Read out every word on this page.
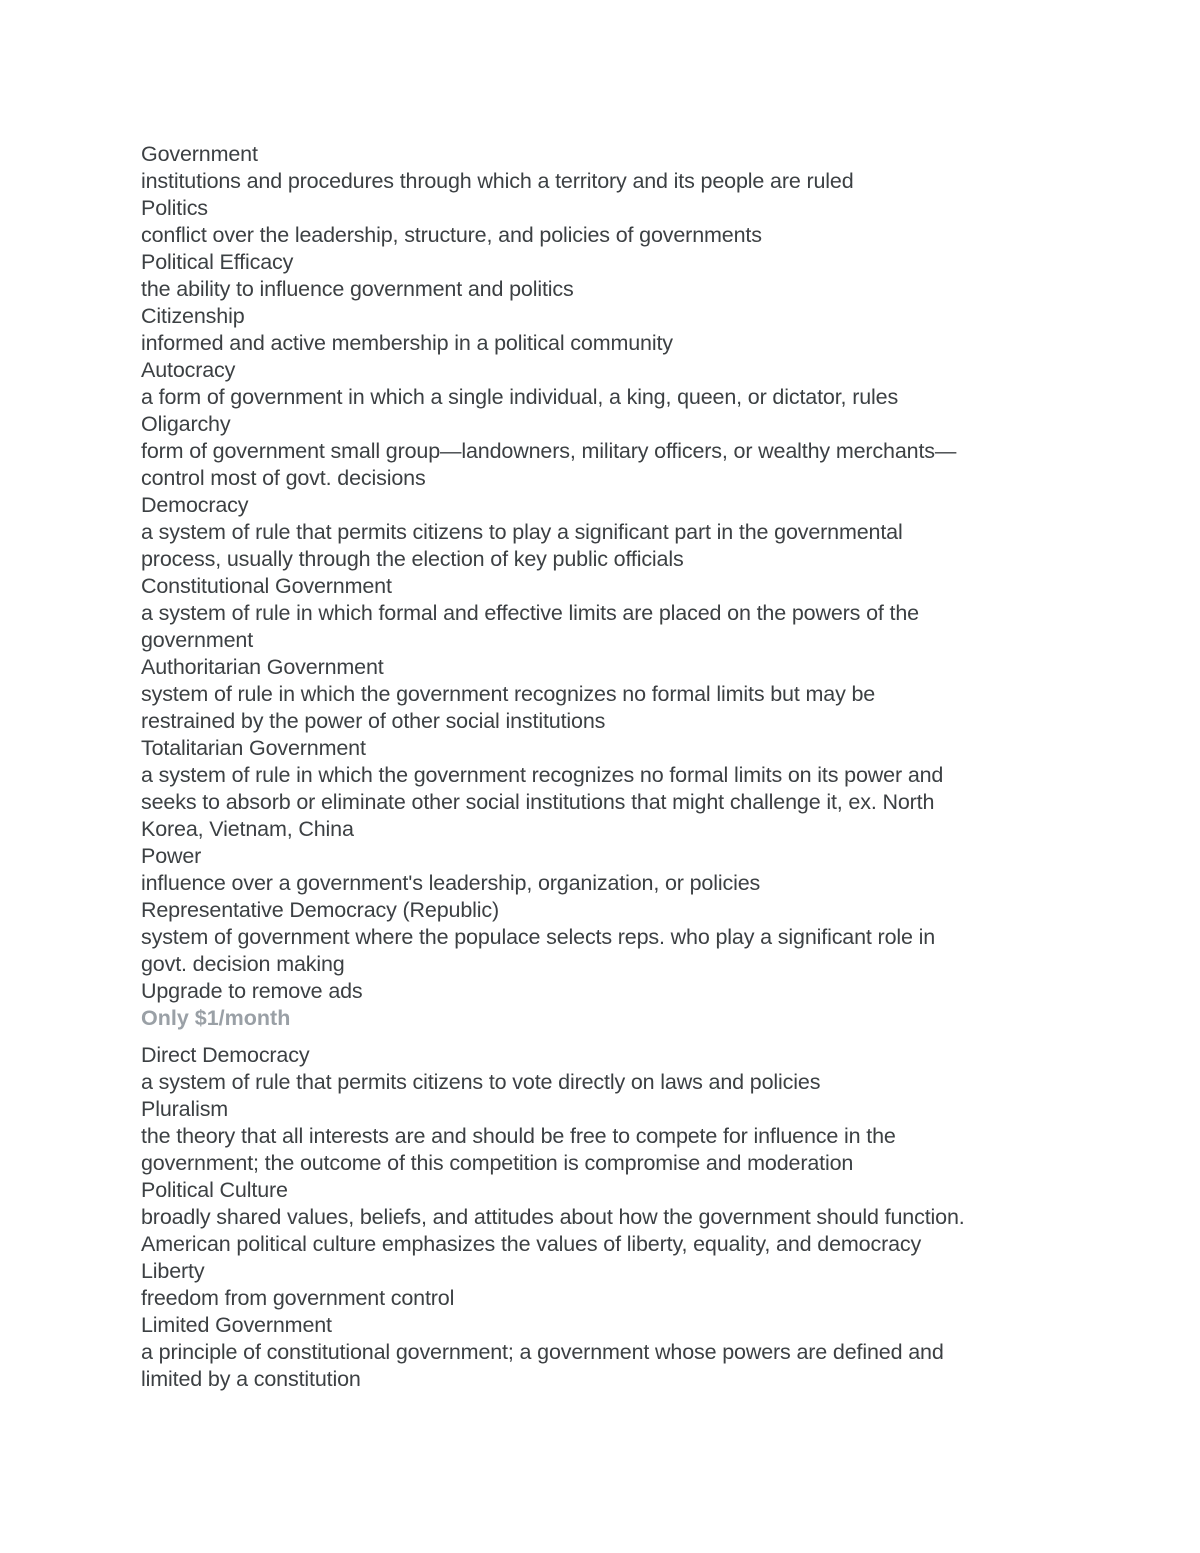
Government
institutions and procedures through which a territory and its people are ruled
Politics
conflict over the leadership, structure, and policies of governments
Political Efficacy
the ability to influence government and politics
Citizenship
informed and active membership in a political community
Autocracy
a form of government in which a single individual, a king, queen, or dictator, rules
Oligarchy
form of government small group—landowners, military officers, or wealthy merchants—
control most of govt. decisions
Democracy
a system of rule that permits citizens to play a significant part in the governmental
process, usually through the election of key public officials
Constitutional Government
a system of rule in which formal and effective limits are placed on the powers of the
government
Authoritarian Government
system of rule in which the government recognizes no formal limits but may be
restrained by the power of other social institutions
Totalitarian Government
a system of rule in which the government recognizes no formal limits on its power and
seeks to absorb or eliminate other social institutions that might challenge it, ex. North
Korea, Vietnam, China
Power
influence over a government's leadership, organization, or policies
Representative Democracy (Republic)
system of government where the populace selects reps. who play a significant role in
govt. decision making
Upgrade to remove ads
Only $1/month
Direct Democracy
a system of rule that permits citizens to vote directly on laws and policies
Pluralism
the theory that all interests are and should be free to compete for influence in the
government; the outcome of this competition is compromise and moderation
Political Culture
broadly shared values, beliefs, and attitudes about how the government should function.
American political culture emphasizes the values of liberty, equality, and democracy
Liberty
freedom from government control
Limited Government
a principle of constitutional government; a government whose powers are defined and
limited by a constitution
